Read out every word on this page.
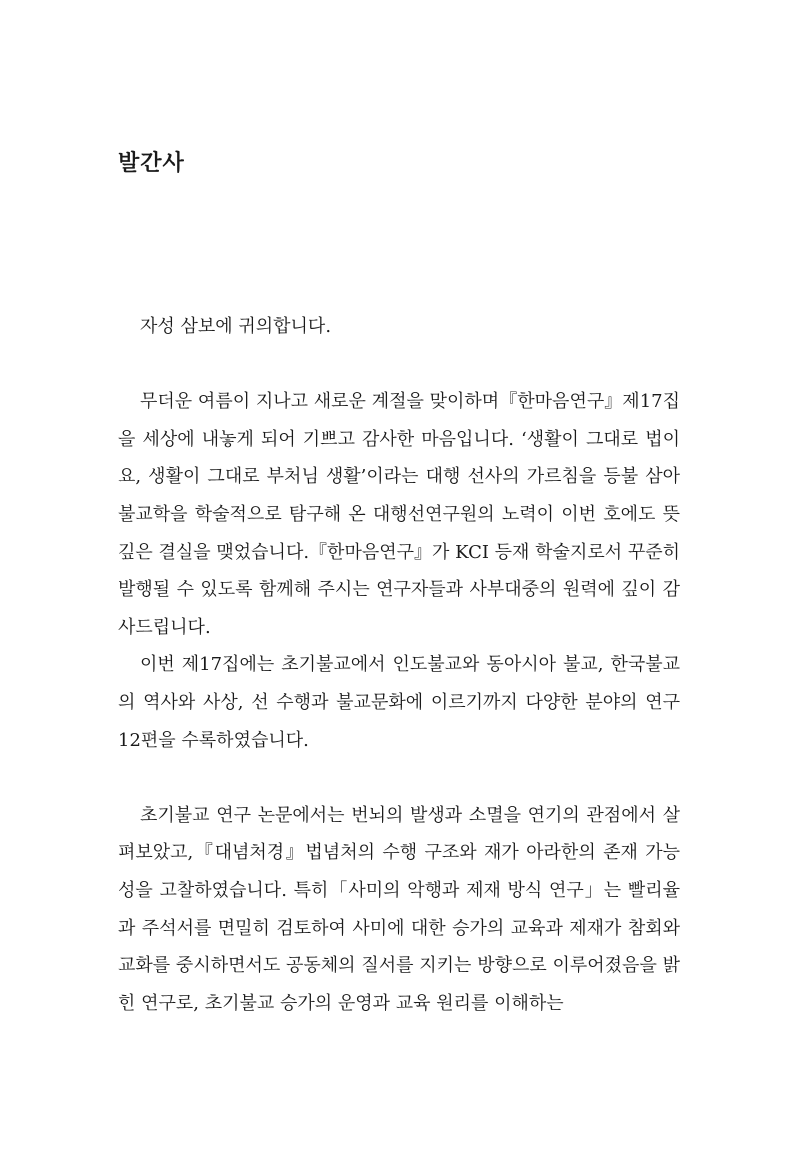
발간사

자성 삼보에 귀의합니다.

무더운 여름이 지나고 새로운 계절을 맞이하며『한마음연구』제17집을 세상에 내놓게 되어 기쁘고 감사한 마음입니다. ‘생활이 그대로 법이요, 생활이 그대로 부처님 생활’이라는 대행 선사의 가르침을 등불 삼아 불교학을 학술적으로 탐구해 온 대행선연구원의 노력이 이번 호에도 뜻깊은 결실을 맺었습니다.『한마음연구』가 KCI 등재 학술지로서 꾸준히 발행될 수 있도록 함께해 주시는 연구자들과 사부대중의 원력에 깊이 감사드립니다.

이번 제17집에는 초기불교에서 인도불교와 동아시아 불교, 한국불교의 역사와 사상, 선 수행과 불교문화에 이르기까지 다양한 분야의 연구 12편을 수록하였습니다.

초기불교 연구 논문에서는 번뇌의 발생과 소멸을 연기의 관점에서 살펴보았고,『대념처경』법념처의 수행 구조와 재가 아라한의 존재 가능성을 고찰하였습니다. 특히「사미의 악행과 제재 방식 연구」는 빨리율과 주석서를 면밀히 검토하여 사미에 대한 승가의 교육과 제재가 참회와 교화를 중시하면서도 공동체의 질서를 지키는 방향으로 이루어졌음을 밝힌 연구로, 초기불교 승가의 운영과 교육 원리를 이해하는
